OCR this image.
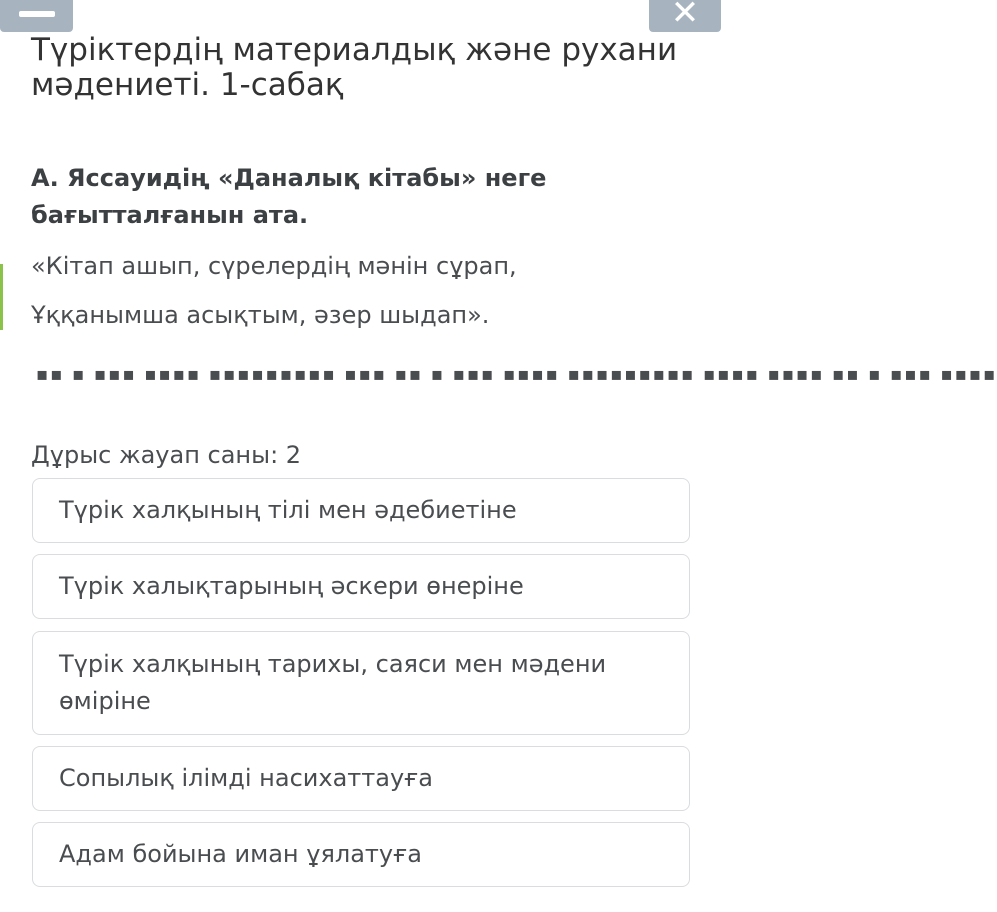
✕
Түріктердің материалдық және рухани мәдениеті. 1-сабақ

А. Яссауидің «Даналық кітабы» неге бағытталғанын ата.

«Кітап ашып, сүрелердің мәнін сұрап,

Ұққанымша асықтым, әзер шыдап».

▪▪ ▪ ▪▪▪ ▪▪▪▪ ▪▪▪▪▪▪▪▪▪ ▪▪▪ ▪▪ ▪ ▪▪▪ ▪▪▪▪ ▪▪▪▪▪▪▪▪▪ ▪▪▪▪ ▪▪▪▪ ▪▪ ▪ ▪▪▪ ▪▪▪▪

Дұрыс жауап саны: 2

Түрік халқының тілі мен әдебиетіне
Түрік халықтарының әскери өнеріне
Түрік халқының тарихы, саяси мен мәдени өміріне
Сопылық ілімді насихаттауға
Адам бойына иман ұялатуға
